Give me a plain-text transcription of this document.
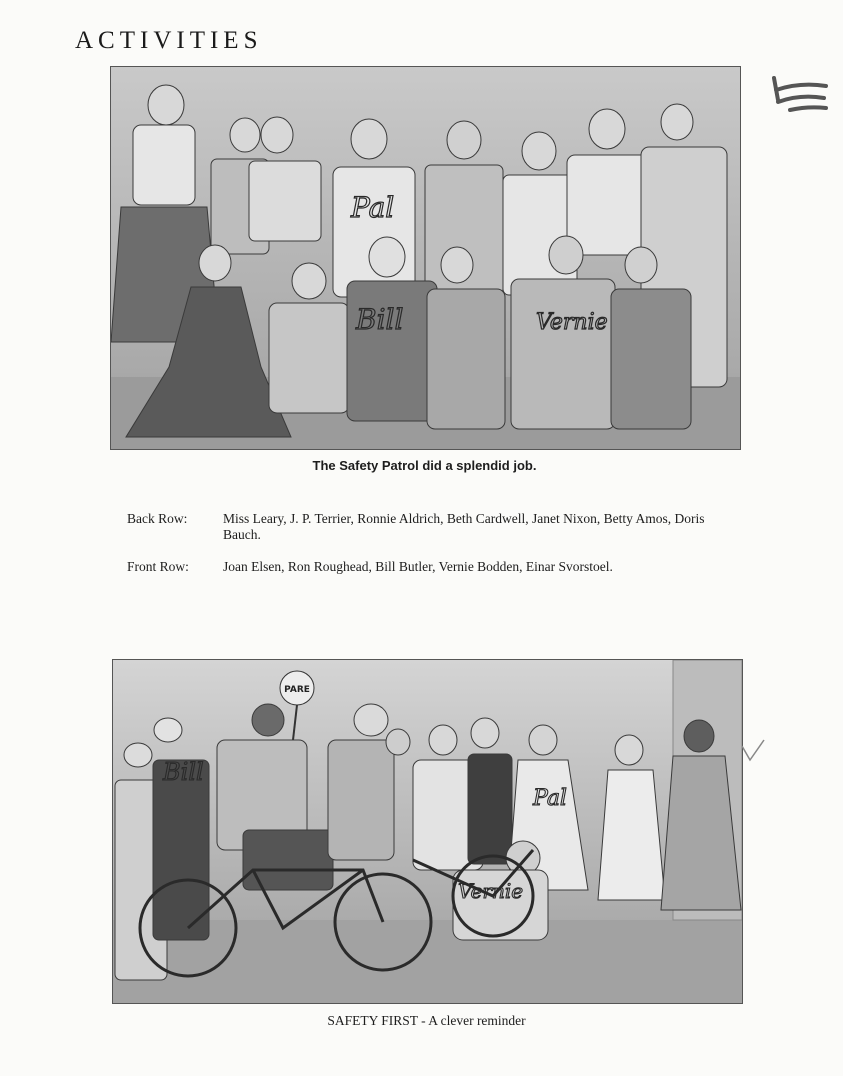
ACTIVITIES
Pal
Bill	Vernie

The Safety Patrol did a splendid job.

Back Row:	Miss Leary, J. P. Terrier, Ronnie Aldrich, Beth Cardwell, Janet Nixon, Betty Amos, Doris Bauch.
Front Row:	Joan Elsen, Ron Roughead, Bill Butler, Vernie Bodden, Einar Svorstoel.
PARE
Bill
Pal
Vernie

SAFETY FIRST - A clever reminder
